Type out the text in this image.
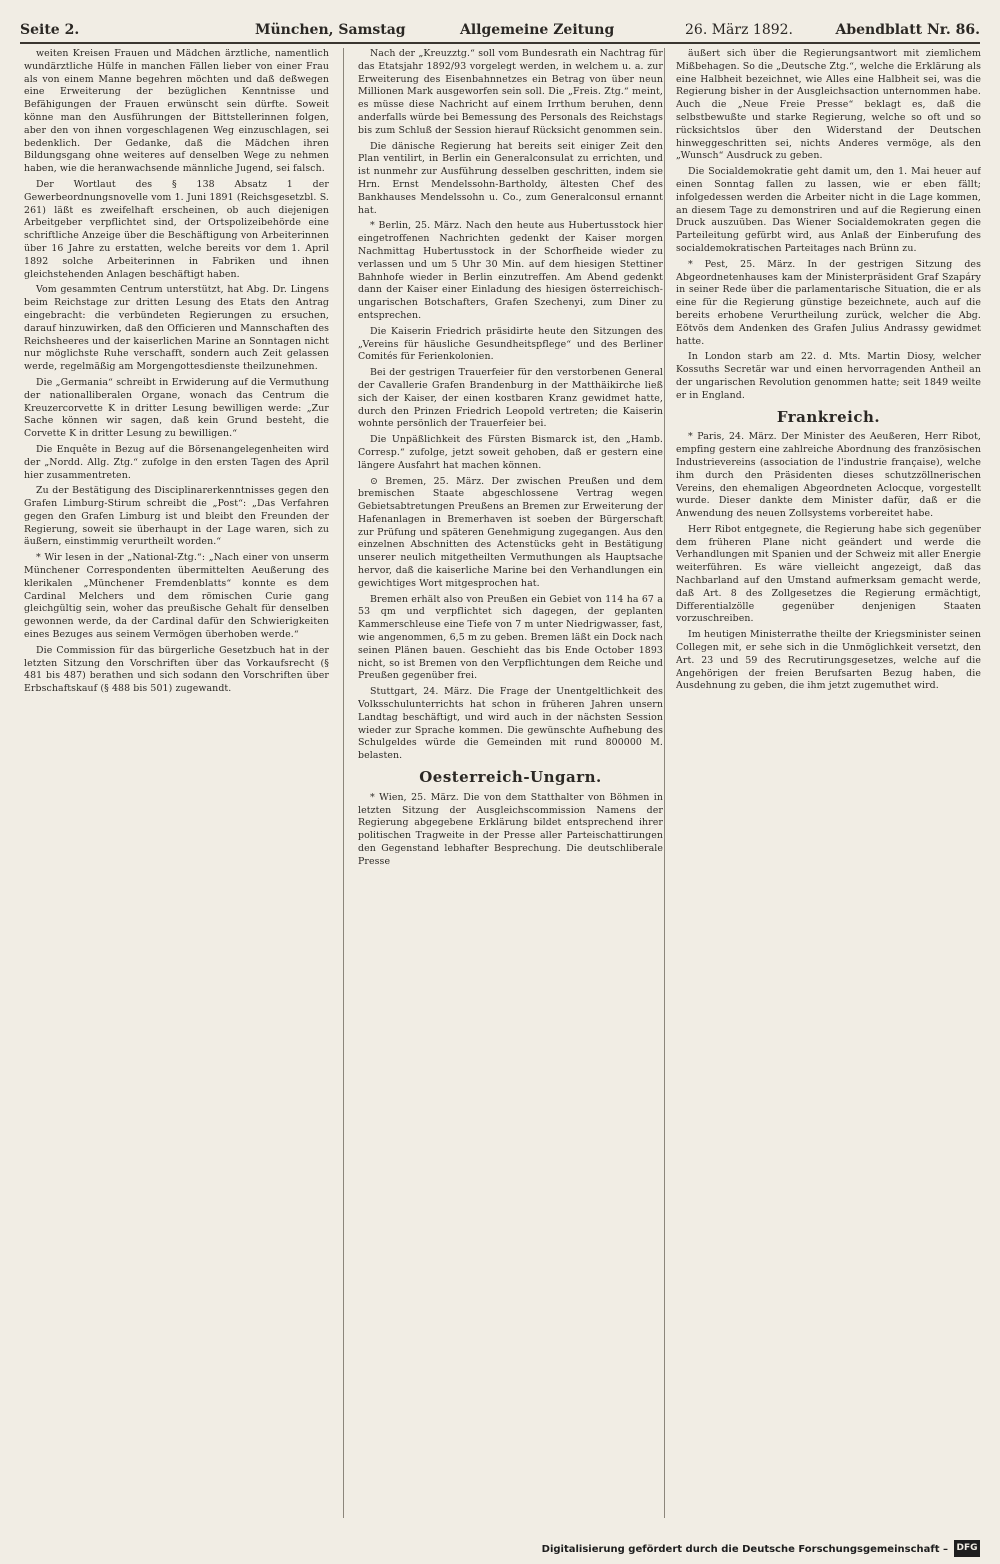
Seite 2.	München, Samstag	Allgemeine Zeitung	26. März 1892.	Abendblatt Nr. 86.

weiten Kreisen Frauen und Mädchen ärztliche, namentlich wundärztliche Hülfe in manchen Fällen lieber von einer Frau als von einem Manne begehren möchten und daß deßwegen eine Erweiterung der bezüglichen Kenntnisse und Befähigungen der Frauen erwünscht sein dürfte. Soweit könne man den Ausführungen der Bittstellerinnen folgen, aber den von ihnen vorgeschlagenen Weg einzuschlagen, sei bedenklich. Der Gedanke, daß die Mädchen ihren Bildungsgang ohne weiteres auf denselben Wege zu nehmen haben, wie die heranwachsende männliche Jugend, sei falsch.

Der Wortlaut des § 138 Absatz 1 der Gewerbeordnungsnovelle vom 1. Juni 1891 (Reichsgesetzbl. S. 261) läßt es zweifelhaft erscheinen, ob auch diejenigen Arbeitgeber verpflichtet sind, der Ortspolizeibehörde eine schriftliche Anzeige über die Beschäftigung von Arbeiterinnen über 16 Jahre zu erstatten, welche bereits vor dem 1. April 1892 solche Arbeiterinnen in Fabriken und ihnen gleichstehenden Anlagen beschäftigt haben.

Vom gesammten Centrum unterstützt, hat Abg. Dr. Lingens beim Reichstage zur dritten Lesung des Etats den Antrag eingebracht: die verbündeten Regierungen zu ersuchen, darauf hinzuwirken, daß den Officieren und Mannschaften des Reichsheeres und der kaiserlichen Marine an Sonntagen nicht nur möglichste Ruhe verschafft, sondern auch Zeit gelassen werde, regelmäßig am Morgengottesdienste theilzunehmen.

Die „Germania“ schreibt in Erwiderung auf die Vermuthung der nationalliberalen Organe, wonach das Centrum die Kreuzercorvette K in dritter Lesung bewilligen werde: „Zur Sache können wir sagen, daß kein Grund besteht, die Corvette K in dritter Lesung zu bewilligen.“

Die Enquête in Bezug auf die Börsenangelegenheiten wird der „Nordd. Allg. Ztg.“ zufolge in den ersten Tagen des April hier zusammentreten.

Zu der Bestätigung des Disciplinarerkenntnisses gegen den Grafen Limburg-Stirum schreibt die „Post“: „Das Verfahren gegen den Grafen Limburg ist und bleibt den Freunden der Regierung, soweit sie überhaupt in der Lage waren, sich zu äußern, einstimmig verurtheilt worden.“

* Wir lesen in der „National-Ztg.“: „Nach einer von unserm Münchener Correspondenten übermittelten Aeußerung des klerikalen „Münchener Fremdenblatts“ konnte es dem Cardinal Melchers und dem römischen Curie gang gleichgültig sein, woher das preußische Gehalt für denselben gewonnen werde, da der Cardinal dafür den Schwierigkeiten eines Bezuges aus seinem Vermögen überhoben werde.“

Die Commission für das bürgerliche Gesetzbuch hat in der letzten Sitzung den Vorschriften über das Vorkaufsrecht (§ 481 bis 487) berathen und sich sodann den Vorschriften über Erbschaftskauf (§ 488 bis 501) zugewandt.

Nach der „Kreuzztg.“ soll vom Bundesrath ein Nachtrag für das Etatsjahr 1892/93 vorgelegt werden, in welchem u. a. zur Erweiterung des Eisenbahnnetzes ein Betrag von über neun Millionen Mark ausgeworfen sein soll. Die „Freis. Ztg.“ meint, es müsse diese Nachricht auf einem Irrthum beruhen, denn anderfalls würde bei Bemessung des Personals des Reichstags bis zum Schluß der Session hierauf Rücksicht genommen sein.

Die dänische Regierung hat bereits seit einiger Zeit den Plan ventilirt, in Berlin ein Generalconsulat zu errichten, und ist nunmehr zur Ausführung desselben geschritten, indem sie Hrn. Ernst Mendelssohn-Bartholdy, ältesten Chef des Bankhauses Mendelssohn u. Co., zum Generalconsul ernannt hat.

* Berlin, 25. März. Nach den heute aus Hubertusstock hier eingetroffenen Nachrichten gedenkt der Kaiser morgen Nachmittag Hubertusstock in der Schorfheide wieder zu verlassen und um 5 Uhr 30 Min. auf dem hiesigen Stettiner Bahnhofe wieder in Berlin einzutreffen. Am Abend gedenkt dann der Kaiser einer Einladung des hiesigen österreichisch-ungarischen Botschafters, Grafen Szechenyi, zum Diner zu entsprechen.

Die Kaiserin Friedrich präsidirte heute den Sitzungen des „Vereins für häusliche Gesundheitspflege“ und des Berliner Comités für Ferienkolonien.

Bei der gestrigen Trauerfeier für den verstorbenen General der Cavallerie Grafen Brandenburg in der Matthäikirche ließ sich der Kaiser, der einen kostbaren Kranz gewidmet hatte, durch den Prinzen Friedrich Leopold vertreten; die Kaiserin wohnte persönlich der Trauerfeier bei.

Die Unpäßlichkeit des Fürsten Bismarck ist, den „Hamb. Corresp.“ zufolge, jetzt soweit gehoben, daß er gestern eine längere Ausfahrt hat machen können.

⊙ Bremen, 25. März. Der zwischen Preußen und dem bremischen Staate abgeschlossene Vertrag wegen Gebietsabtretungen Preußens an Bremen zur Erweiterung der Hafenanlagen in Bremerhaven ist soeben der Bürgerschaft zur Prüfung und späteren Genehmigung zugegangen. Aus den einzelnen Abschnitten des Actenstücks geht in Bestätigung unserer neulich mitgetheilten Vermuthungen als Hauptsache hervor, daß die kaiserliche Marine bei den Verhandlungen ein gewichtiges Wort mitgesprochen hat.

Bremen erhält also von Preußen ein Gebiet von 114 ha 67 a 53 qm und verpflichtet sich dagegen, der geplanten Kammerschleuse eine Tiefe von 7 m unter Niedrigwasser, fast, wie angenommen, 6,5 m zu geben. Bremen läßt ein Dock nach seinen Plänen bauen. Geschieht das bis Ende October 1893 nicht, so ist Bremen von den Verpflichtungen dem Reiche und Preußen gegenüber frei.

Stuttgart, 24. März. Die Frage der Unentgeltlichkeit des Volksschulunterrichts hat schon in früheren Jahren unsern Landtag beschäftigt, und wird auch in der nächsten Session wieder zur Sprache kommen. Die gewünschte Aufhebung des Schulgeldes würde die Gemeinden mit rund 800000 M. belasten.

Oesterreich-Ungarn.

* Wien, 25. März. Die von dem Statthalter von Böhmen in letzten Sitzung der Ausgleichscommission Namens der Regierung abgegebene Erklärung bildet entsprechend ihrer politischen Tragweite in der Presse aller Parteischattirungen den Gegenstand lebhafter Besprechung. Die deutschliberale Presse

äußert sich über die Regierungsantwort mit ziemlichem Mißbehagen. So die „Deutsche Ztg.“, welche die Erklärung als eine Halbheit bezeichnet, wie Alles eine Halbheit sei, was die Regierung bisher in der Ausgleichsaction unternommen habe. Auch die „Neue Freie Presse“ beklagt es, daß die selbstbewußte und starke Regierung, welche so oft und so rücksichtslos über den Widerstand der Deutschen hinweggeschritten sei, nichts Anderes vermöge, als den „Wunsch“ Ausdruck zu geben.

Die Socialdemokratie geht damit um, den 1. Mai heuer auf einen Sonntag fallen zu lassen, wie er eben fällt; infolgedessen werden die Arbeiter nicht in die Lage kommen, an diesem Tage zu demonstriren und auf die Regierung einen Druck auszuüben. Das Wiener Socialdemokraten gegen die Parteileitung gefürbt wird, aus Anlaß der Einberufung des socialdemokratischen Parteitages nach Brünn zu.

* Pest, 25. März. In der gestrigen Sitzung des Abgeordnetenhauses kam der Ministerpräsident Graf Szapáry in seiner Rede über die parlamentarische Situation, die er als eine für die Regierung günstige bezeichnete, auch auf die bereits erhobene Verurtheilung zurück, welcher die Abg. Eötvös dem Andenken des Grafen Julius Andrassy gewidmet hatte.

In London starb am 22. d. Mts. Martin Diosy, welcher Kossuths Secretär war und einen hervorragenden Antheil an der ungarischen Revolution genommen hatte; seit 1849 weilte er in England.

Frankreich.

* Paris, 24. März. Der Minister des Aeußeren, Herr Ribot, empfing gestern eine zahlreiche Abordnung des französischen Industrievereins (association de l'industrie française), welche ihm durch den Präsidenten dieses schutzzöllnerischen Vereins, den ehemaligen Abgeordneten Aclocque, vorgestellt wurde. Dieser dankte dem Minister dafür, daß er die Anwendung des neuen Zollsystems vorbereitet habe.

Herr Ribot entgegnete, die Regierung habe sich gegenüber dem früheren Plane nicht geändert und werde die Verhandlungen mit Spanien und der Schweiz mit aller Energie weiterführen. Es wäre vielleicht angezeigt, daß das Nachbarland auf den Umstand aufmerksam gemacht werde, daß Art. 8 des Zollgesetzes die Regierung ermächtigt, Differentialzölle gegenüber denjenigen Staaten vorzuschreiben.

Im heutigen Ministerrathe theilte der Kriegsminister seinen Collegen mit, er sehe sich in die Unmöglichkeit versetzt, den Art. 23 und 59 des Recrutirungsgesetzes, welche auf die Angehörigen der freien Berufsarten Bezug haben, die Ausdehnung zu geben, die ihm jetzt zugemuthet wird.

Digitalisierung gefördert durch die Deutsche Forschungsgemeinschaft – DFG
